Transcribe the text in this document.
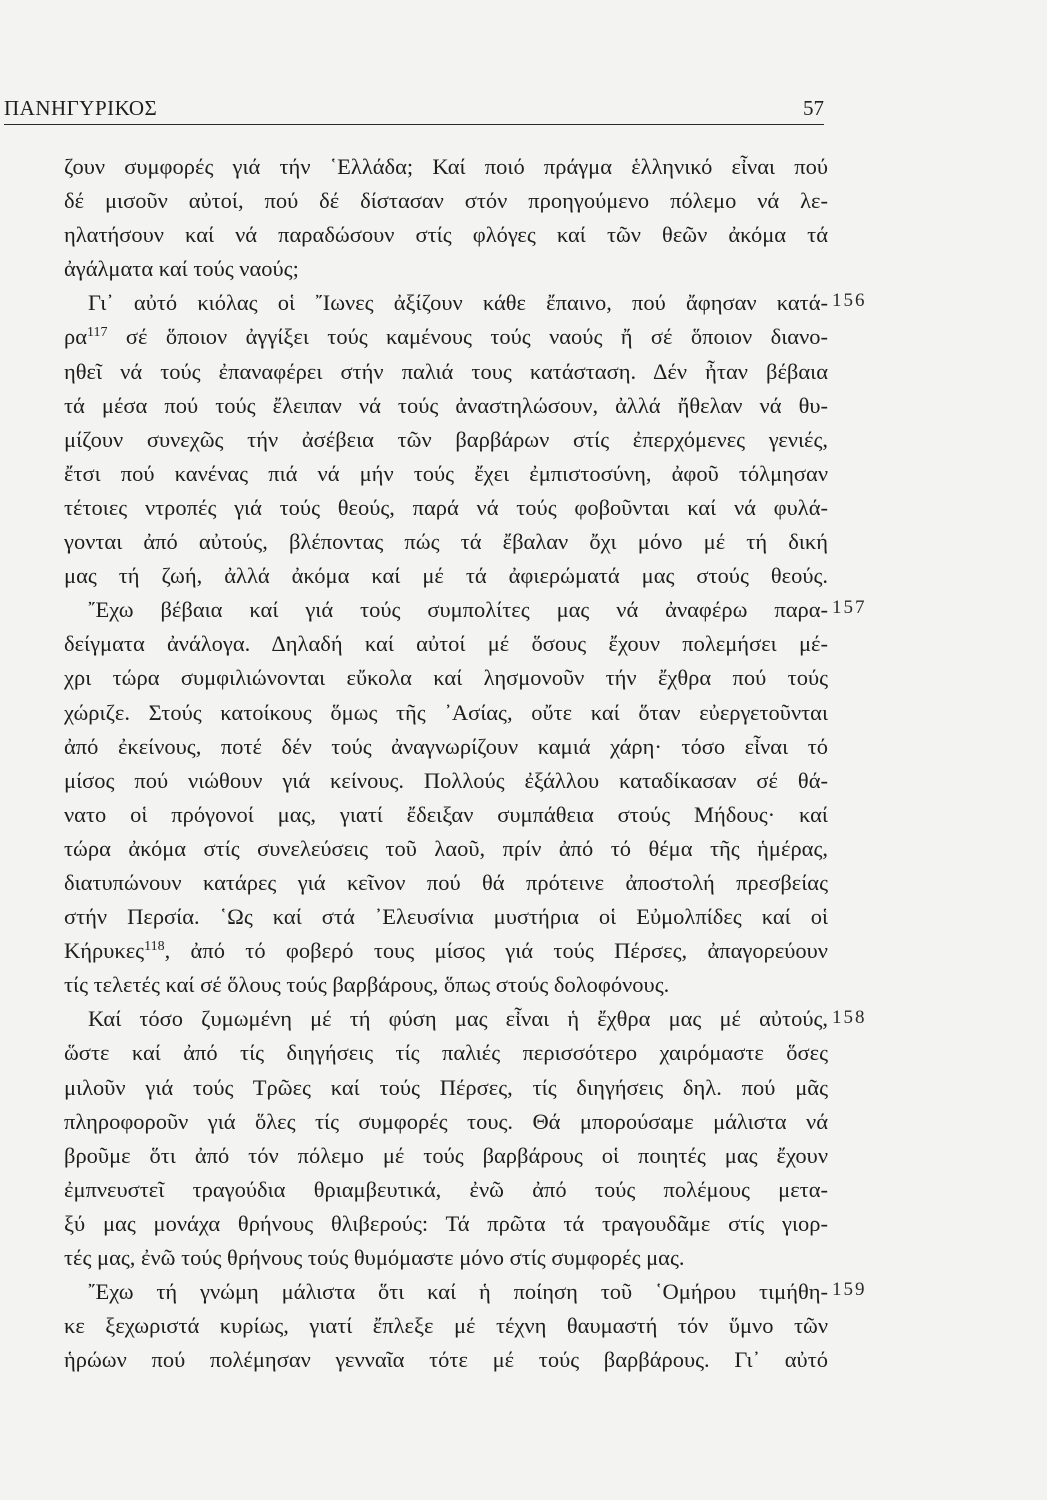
ΠΑΝΗΓΥΡΙΚΟΣ	57
ζουν συμφορές γιά τήν ῾Ελλάδα; Καί ποιό πράγμα ἑλληνικό εἶναι πού
δέ μισοῦν αὐτοί, πού δέ δίστασαν στόν προηγούμενο πόλεμο νά λε-
ηλατήσουν καί νά παραδώσουν στίς φλόγες καί τῶν θεῶν ἀκόμα τά
ἀγάλματα καί τούς ναούς;
Γι᾿ αὐτό κιόλας οἱ ῎Ιωνες ἀξίζουν κάθε ἔπαινο, πού ἄφησαν κατά-
$\rho\alpha^{117}$ σέ ὅποιον ἀγγίξει τούς καμένους τούς ναούς ἤ σέ ὅποιον διανο-
ηθεῖ νά τούς ἐπαναφέρει στήν παλιά τους κατάσταση. Δέν ἦταν βέβαια
τά μέσα πού τούς ἔλειπαν νά τούς ἀναστηλώσουν, ἀλλά ἤθελαν νά θυ-
μίζουν συνεχῶς τήν ἀσέβεια τῶν βαρβάρων στίς ἐπερχόμενες γενιές,
ἔτσι πού κανένας πιά νά μήν τούς ἔχει ἐμπιστοσύνη, ἀφοῦ τόλμησαν
τέτοιες ντροπές γιά τούς θεούς, παρά νά τούς φοβοῦνται καί νά φυλά-
γονται ἀπό αὐτούς, βλέποντας πώς τά ἔβαλαν ὄχι μόνο μέ τή δική
μας τή ζωή, ἀλλά ἀκόμα καί μέ τά ἀφιερώματά μας στούς θεούς.
῎Εχω βέβαια καί γιά τούς συμπολίτες μας νά ἀναφέρω παρα-
δείγματα ἀνάλογα. Δηλαδή καί αὐτοί μέ ὅσους ἔχουν πολεμήσει μέ-
χρι τώρα συμφιλιώνονται εὔκολα καί λησμονοῦν τήν ἔχθρα πού τούς
χώριζε. Στούς κατοίκους ὅμως τῆς ᾿Ασίας, οὔτε καί ὅταν εὐεργετοῦνται
ἀπό ἐκείνους, ποτέ δέν τούς ἀναγνωρίζουν καμιά χάρη· τόσο εἶναι τό
μίσος πού νιώθουν γιά κείνους. Πολλούς ἐξάλλου καταδίκασαν σέ θά-
νατο οἱ πρόγονοί μας, γιατί ἔδειξαν συμπάθεια στούς Μήδους· καί
τώρα ἀκόμα στίς συνελεύσεις τοῦ λαοῦ, πρίν ἀπό τό θέμα τῆς ἡμέρας,
διατυπώνουν κατάρες γιά κεῖνον πού θά πρότεινε ἀποστολή πρεσβείας
στήν Περσία. ῾Ως καί στά ᾿Ελευσίνια μυστήρια οἱ Εὐμολπίδες καί οἱ
Κήρυκες$^{118}$, ἀπό τό φοβερό τους μίσος γιά τούς Πέρσες, ἀπαγορεύουν
τίς τελετές καί σέ ὅλους τούς βαρβάρους, ὅπως στούς δολοφόνους.
Καί τόσο ζυμωμένη μέ τή φύση μας εἶναι ἡ ἔχθρα μας μέ αὐτούς,
ὥστε καί ἀπό τίς διηγήσεις τίς παλιές περισσότερο χαιρόμαστε ὅσες
μιλοῦν γιά τούς Τρῶες καί τούς Πέρσες, τίς διηγήσεις δηλ. πού μᾶς
πληροφοροῦν γιά ὅλες τίς συμφορές τους. Θά μπορούσαμε μάλιστα νά
βροῦμε ὅτι ἀπό τόν πόλεμο μέ τούς βαρβάρους οἱ ποιητές μας ἔχουν
ἐμπνευστεῖ τραγούδια θριαμβευτικά, ἐνῶ ἀπό τούς πολέμους μετα-
ξύ μας μονάχα θρήνους θλιβερούς: Τά πρῶτα τά τραγουδᾶμε στίς γιορ-
τές μας, ἐνῶ τούς θρήνους τούς θυμόμαστε μόνο στίς συμφορές μας.
῎Εχω τή γνώμη μάλιστα ὅτι καί ἡ ποίηση τοῦ ῾Ομήρου τιμήθη-
κε ξεχωριστά κυρίως, γιατί ἔπλεξε μέ τέχνη θαυμαστή τόν ὕμνο τῶν
ἡρώων πού πολέμησαν γενναῖα τότε μέ τούς βαρβάρους. Γι᾿ αὐτό
156
157
158
159
